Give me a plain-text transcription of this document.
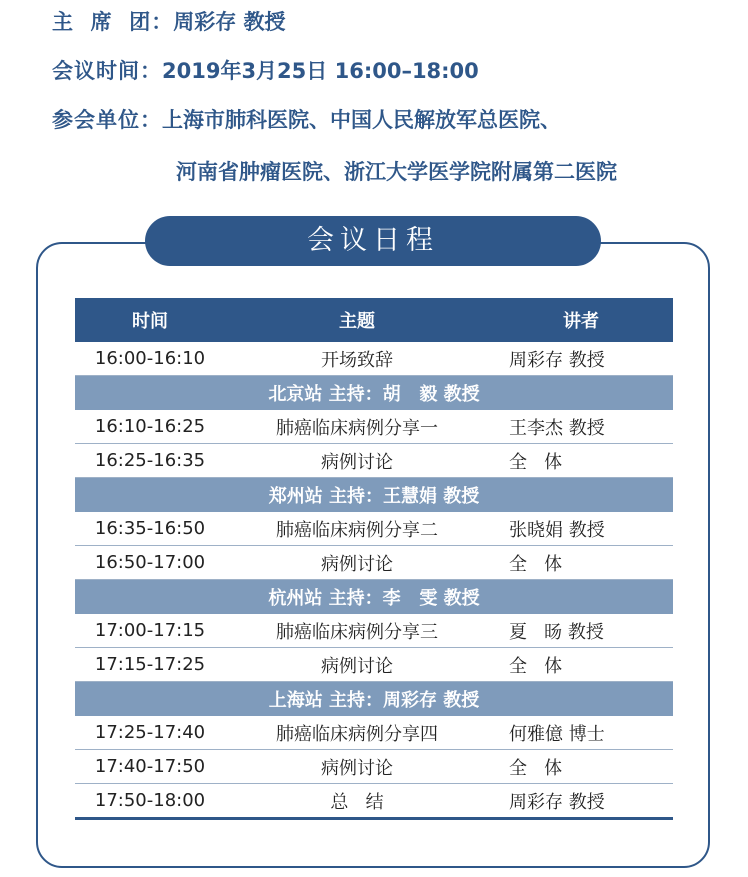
主  席  团：周彩存 教授
会议时间：2019年3月25日 16:00–18:00
参会单位：上海市肺科医院、中国人民解放军总医院、
河南省肿瘤医院、浙江大学医学院附属第二医院
会议日程
时间	主题	讲者
16:00-16:10	开场致辞	周彩存 教授
北京站 主持：胡   毅 教授		
16:10-16:25	肺癌临床病例分享一	王李杰 教授
16:25-16:35	病例讨论	全   体
郑州站 主持：王慧娟 教授		
16:35-16:50	肺癌临床病例分享二	张晓娟 教授
16:50-17:00	病例讨论	全   体
杭州站 主持：李   雯 教授		
17:00-17:15	肺癌临床病例分享三	夏   旸 教授
17:15-17:25	病例讨论	全   体
上海站 主持：周彩存 教授		
17:25-17:40	肺癌临床病例分享四	何雅億 博士
17:40-17:50	病例讨论	全   体
17:50-18:00	总   结	周彩存 教授
